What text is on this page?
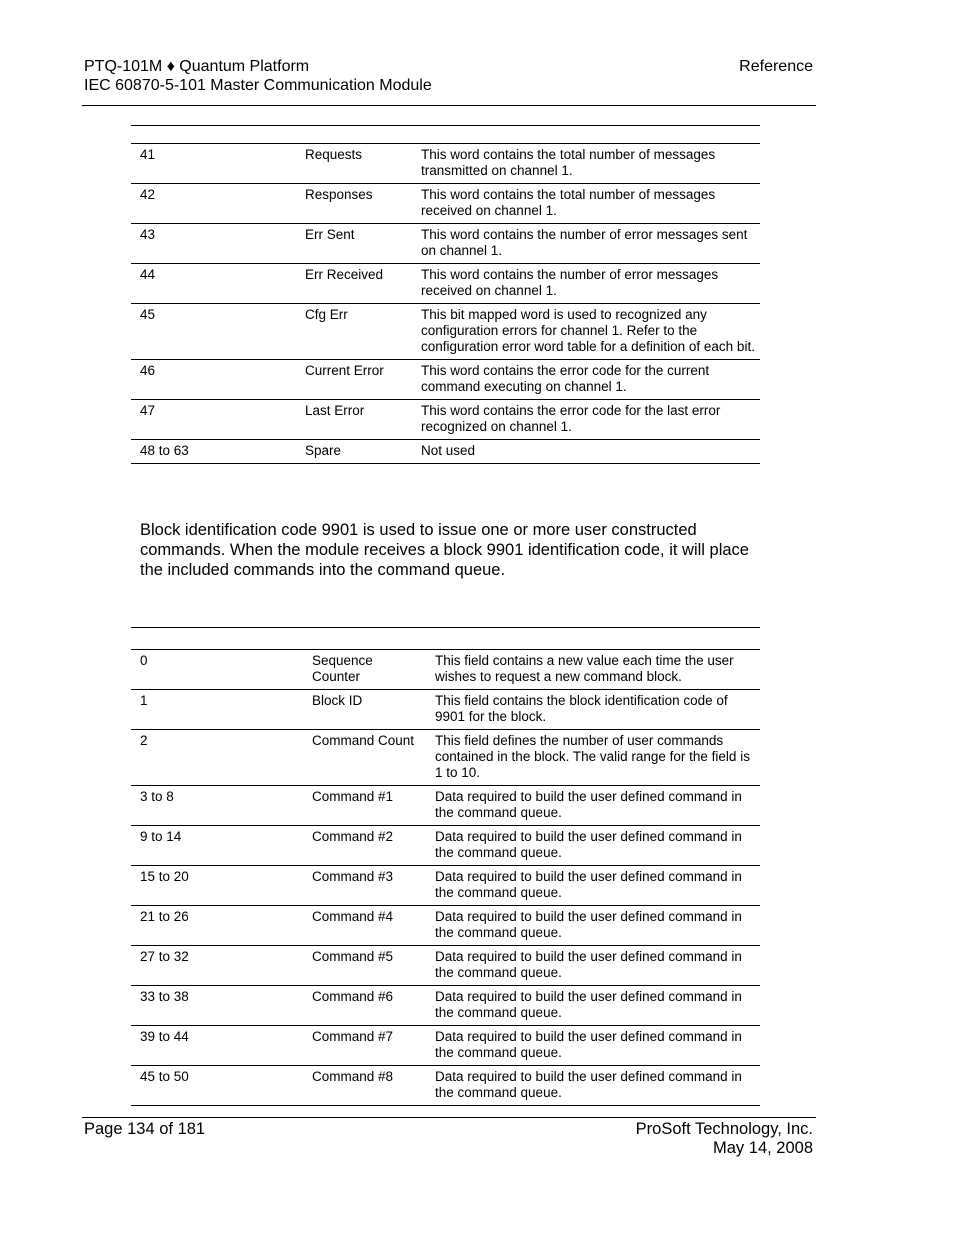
PTQ-101M ♦ Quantum Platform
IEC 60870-5-101 Master Communication Module
Reference

41	Requests	This word contains the total number of messages transmitted on channel 1.
42	Responses	This word contains the total number of messages received on channel 1.
43	Err Sent	This word contains the number of error messages sent on channel 1.
44	Err Received	This word contains the number of error messages received on channel 1.
45	Cfg Err	This bit mapped word is used to recognized any configuration errors for channel 1. Refer to the configuration error word table for a definition of each bit.
46	Current Error	This word contains the error code for the current command executing on channel 1.
47	Last Error	This word contains the error code for the last error recognized on channel 1.
48 to 63	Spare	Not used
Block identification code 9901 is used to issue one or more user constructed commands. When the module receives a block 9901 identification code, it will place the included commands into the command queue.

0	Sequence Counter	This field contains a new value each time the user wishes to request a new command block.
1	Block ID	This field contains the block identification code of 9901 for the block.
2	Command Count	This field defines the number of user commands contained in the block. The valid range for the field is 1 to 10.
3 to 8	Command #1	Data required to build the user defined command in the command queue.
9 to 14	Command #2	Data required to build the user defined command in the command queue.
15 to 20	Command #3	Data required to build the user defined command in the command queue.
21 to 26	Command #4	Data required to build the user defined command in the command queue.
27 to 32	Command #5	Data required to build the user defined command in the command queue.
33 to 38	Command #6	Data required to build the user defined command in the command queue.
39 to 44	Command #7	Data required to build the user defined command in the command queue.
45 to 50	Command #8	Data required to build the user defined command in the command queue.
Page 134 of 181	ProSoft Technology, Inc.
May 14, 2008
